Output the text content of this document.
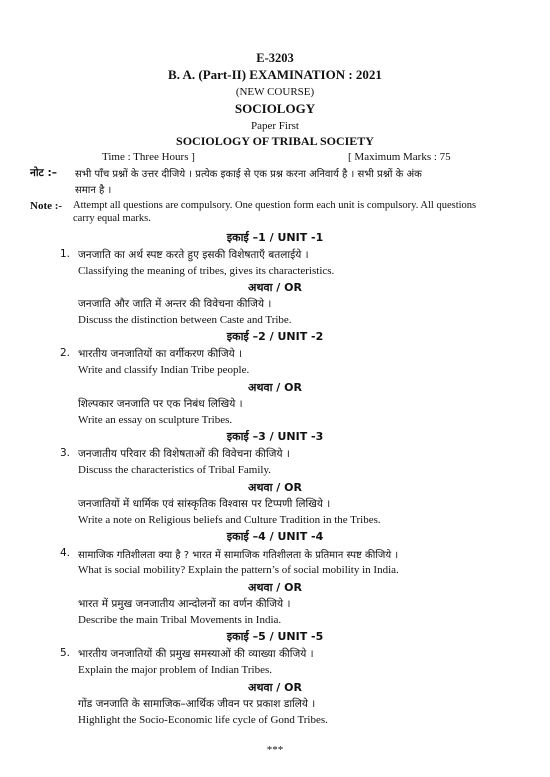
E-3203
B. A. (Part-II) EXAMINATION : 2021
(NEW COURSE)
SOCIOLOGY
Paper First
SOCIOLOGY OF TRIBAL SOCIETY
Time : Three Hours ]	[ Maximum Marks : 75
नोट :– सभी पाँच प्रश्नों के उत्तर दीजिये । प्रत्येक इकाई से एक प्रश्न करना अनिवार्य है । सभी प्रश्नों के अंक
समान है ।
Note :- Attempt all questions are compulsory. One question form each unit is compulsory. All questions
carry equal marks.
इकाई –1 / UNIT -1
1. जनजाति का अर्थ स्पष्ट करते हुए इसकी विशेषताएँ बतलाईये ।
Classifying the meaning of tribes, gives its characteristics.
अथवा / OR
जनजाति और जाति में अन्तर की विवेचना कीजिये ।
Discuss the distinction between Caste and Tribe.
इकाई –2 / UNIT -2
2. भारतीय जनजातियों का वर्गीकरण कीजिये ।
Write and classify Indian Tribe people.
अथवा / OR
शिल्पकार जनजाति पर एक निबंध लिखिये ।
Write an essay on sculpture Tribes.
इकाई –3 / UNIT -3
3. जनजातीय परिवार की विशेषताओं की विवेचना कीजिये ।
Discuss the characteristics of Tribal Family.
अथवा / OR
जनजातियों में धार्मिक एवं सांस्कृतिक विश्वास पर टिप्पणी लिखिये ।
Write a note on Religious beliefs and Culture Tradition in the Tribes.
इकाई –4 / UNIT -4
4. सामाजिक गतिशीलता क्या है ? भारत में सामाजिक गतिशीलता के प्रतिमान स्पष्ट कीजिये ।
What is social mobility? Explain the pattern’s of social mobility in India.
अथवा / OR
भारत में प्रमुख जनजातीय आन्दोलनों का वर्णन कीजिये ।
Describe the main Tribal Movements in India.
इकाई –5 / UNIT -5
5. भारतीय जनजातियों की प्रमुख समस्याओं की व्याख्या कीजिये ।
Explain the major problem of Indian Tribes.
अथवा / OR
गोंड जनजाति के सामाजिक–आर्थिक जीवन पर प्रकाश डालिये ।
Highlight the Socio-Economic life cycle of Gond Tribes.
***
